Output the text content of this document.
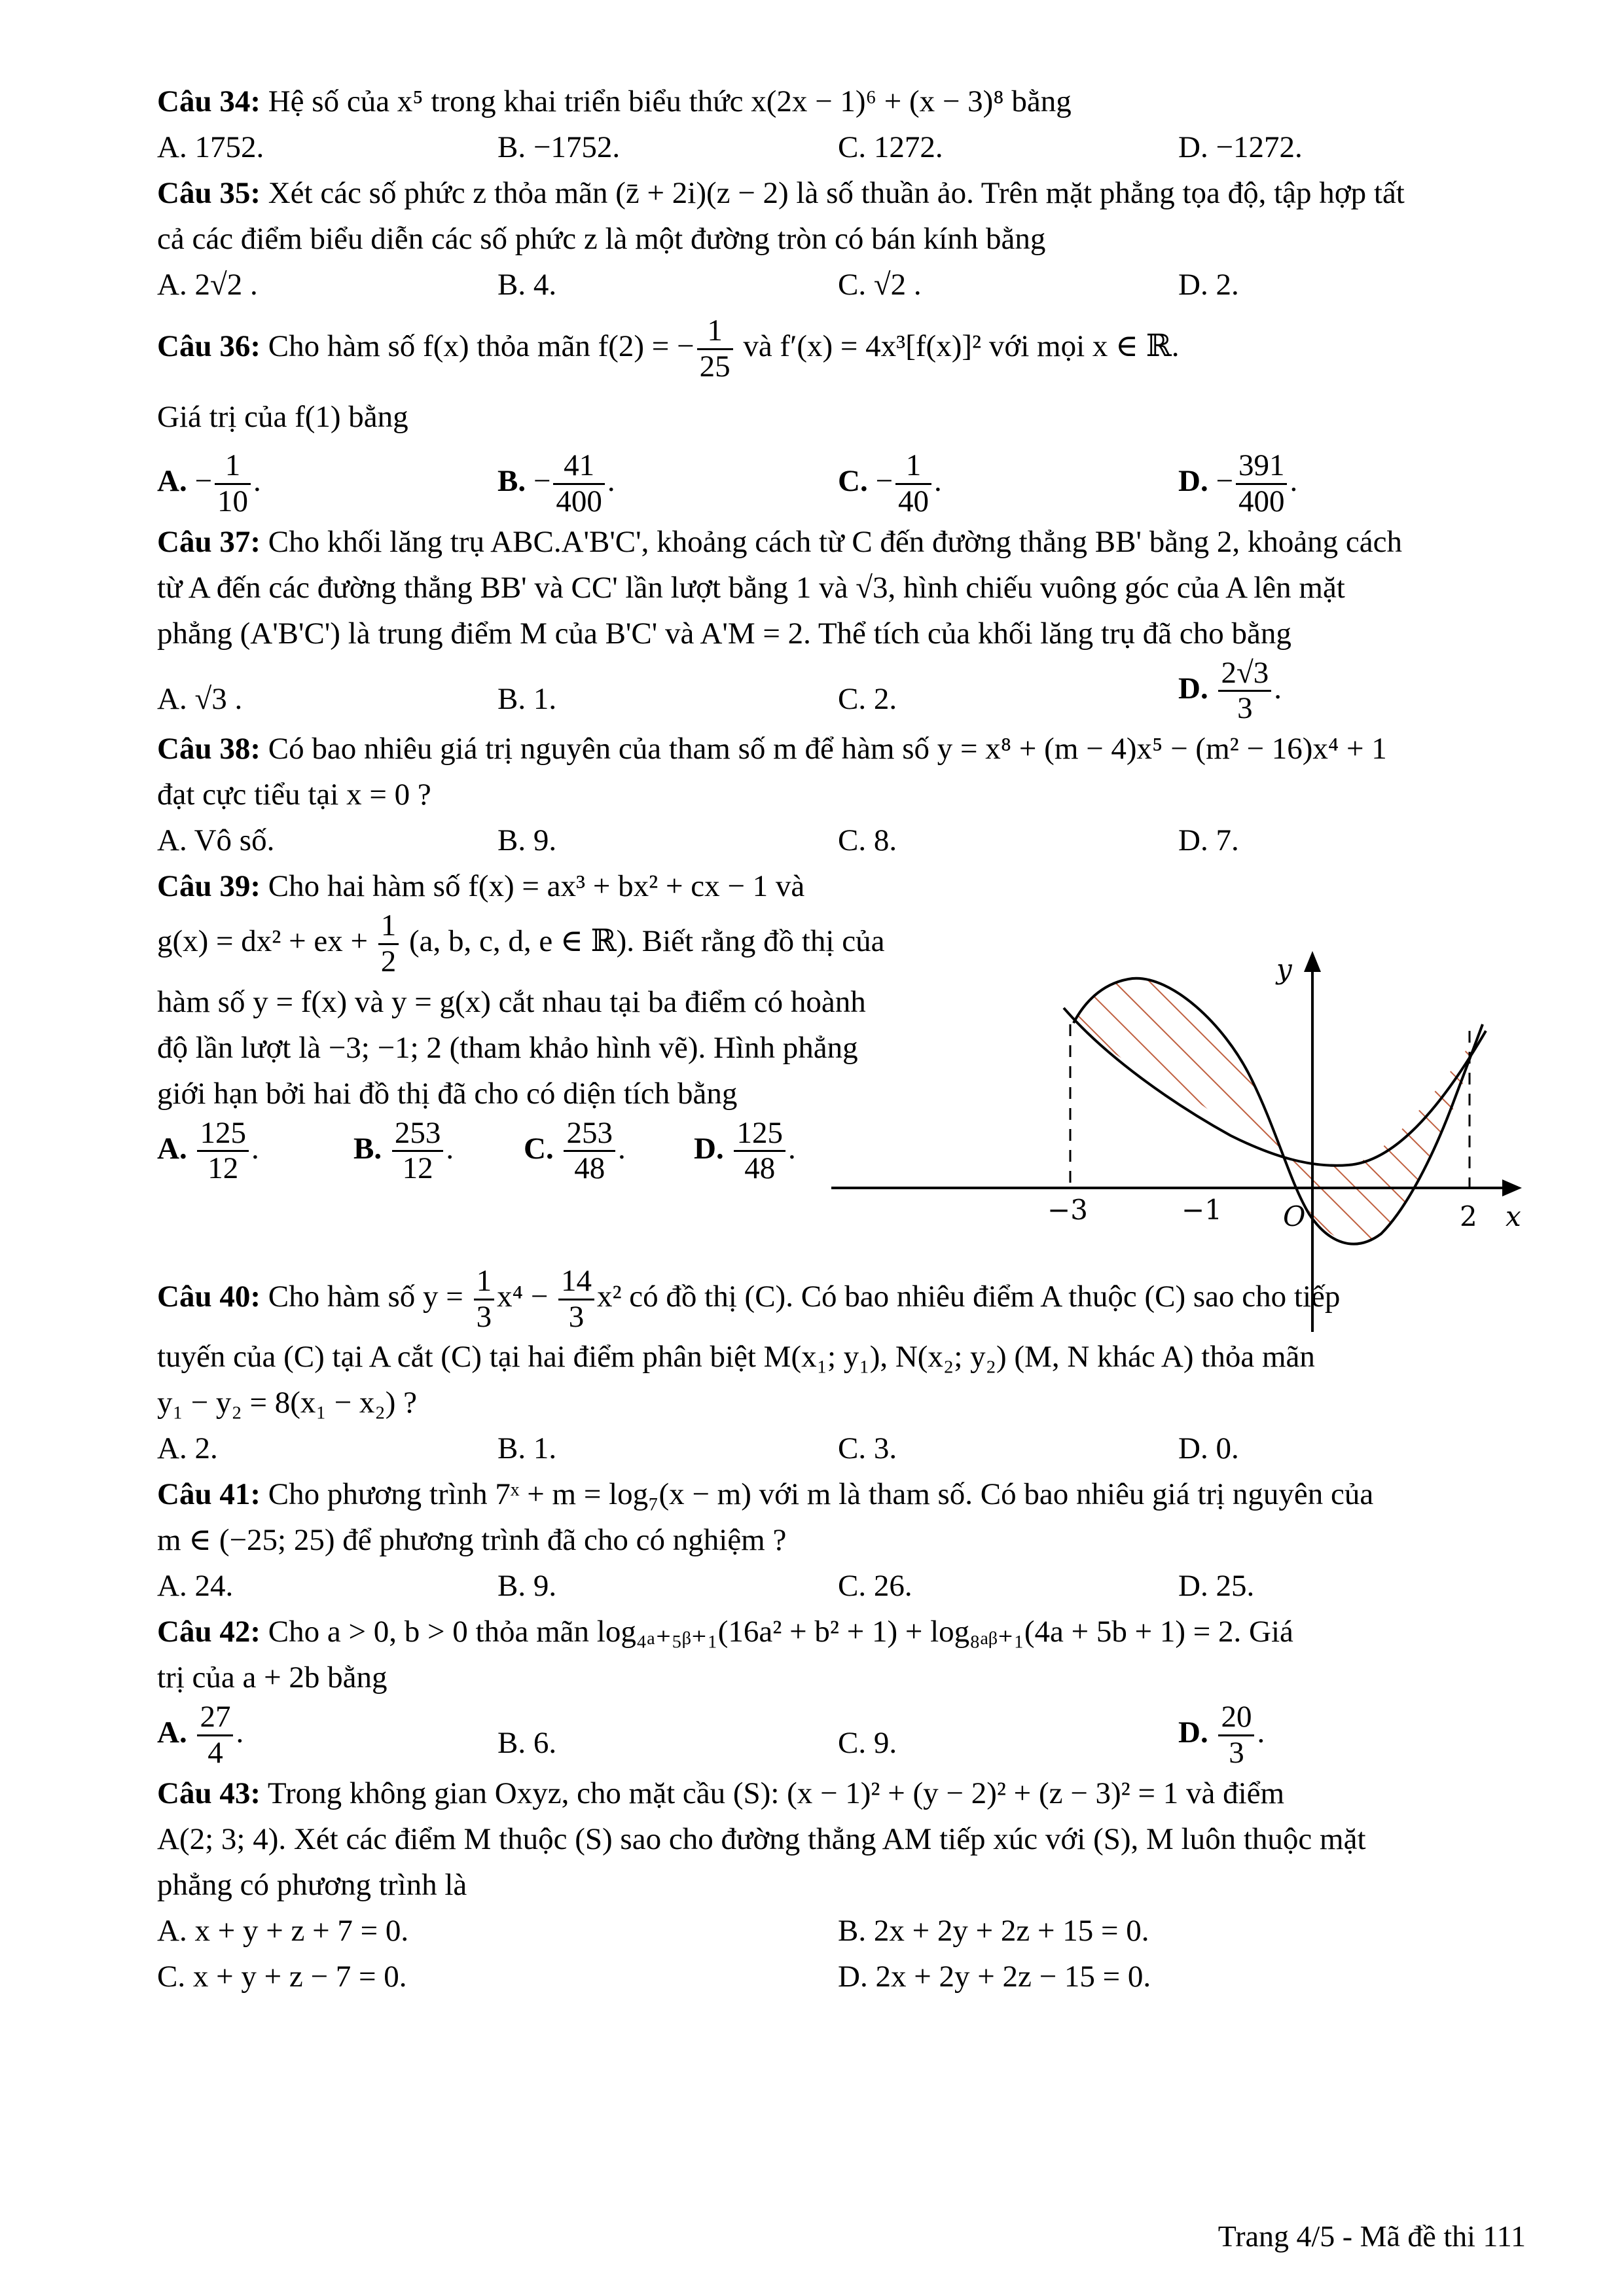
Câu 34: Hệ số của x⁵ trong khai triển biểu thức x(2x − 1)⁶ + (x − 3)⁸ bằng

A. 1752.	B. −1752.	C. 1272.	D. −1272.

Câu 35: Xét các số phức z thỏa mãn (z̄ + 2i)(z − 2) là số thuần ảo. Trên mặt phẳng tọa độ, tập hợp tất

cả các điểm biểu diễn các số phức z là một đường tròn có bán kính bằng

A. 2√2 .	B. 4.	C. √2 .	D. 2.

Câu 36: Cho hàm số f(x) thỏa mãn f(2) = − $\frac{1}{25}$ và f′(x) = 4x³[f(x)]² với mọi x ∈ ℝ.

Giá trị của f(1) bằng

A. − $\frac{1}{10}$ .	B. − $\frac{41}{400}$ .	C. − $\frac{1}{40}$ .	D. − $\frac{391}{400}$ .

Câu 37: Cho khối lăng trụ ABC.A'B'C', khoảng cách từ C đến đường thẳng BB' bằng 2, khoảng cách

từ A đến các đường thẳng BB' và CC' lần lượt bằng 1 và √3, hình chiếu vuông góc của A lên mặt

phẳng (A'B'C') là trung điểm M của B'C' và A'M = 2. Thể tích của khối lăng trụ đã cho bằng

A. √3 .	B. 1.	C. 2.	D. $\frac{2√3}{3}$ .

Câu 38: Có bao nhiêu giá trị nguyên của tham số m để hàm số y = x⁸ + (m − 4)x⁵ − (m² − 16)x⁴ + 1

đạt cực tiểu tại x = 0 ?

A. Vô số.	B. 9.	C. 8.	D. 7.

Câu 39: Cho hai hàm số f(x) = ax³ + bx² + cx − 1 và

g(x) = dx² + ex + $\frac{1}{2} (a$, b, c, d, e ∈ ℝ). Biết rằng đồ thị của

hàm số y = f(x) và y = g(x) cắt nhau tại ba điểm có hoành

độ lần lượt là −3; −1; 2 (tham khảo hình vẽ). Hình phẳng

giới hạn bởi hai đồ thị đã cho có diện tích bằng

A. $\frac{125}{12}$ .	B. $\frac{253}{12}$ .	C. $\frac{253}{48}$ .	D. $\frac{125}{48}$ .

Câu 40: Cho hàm số $y = \frac{1}{3} x^4 - \frac{14}{3} x^2$ có đồ thị (C). Có bao nhiêu điểm A thuộc (C) sao cho tiếp

tuyến của (C) tại A cắt (C) tại hai điểm phân biệt M(x₁; y₁), N(x₂; y₂) (M, N khác A) thỏa mãn

y₁ − y₂ = 8(x₁ − x₂) ?

A. 2.	B. 1.	C. 3.	D. 0.

Câu 41: Cho phương trình 7ˣ + m = log₇(x − m) với m là tham số. Có bao nhiêu giá trị nguyên của

m ∈ (−25; 25) để phương trình đã cho có nghiệm ?

A. 24.	B. 9.	C. 26.	D. 25.

Câu 42: Cho a > 0, b > 0 thỏa mãn log₄ₐ₊₅ᵦ₊₁(16a² + b² + 1) + log₈ₐᵦ₊₁(4a + 5b + 1) = 2. Giá

trị của a + 2b bằng

A. $\frac{27}{4}$ .	B. 6.	C. 9.	D. $\frac{20}{3}$ .

Câu 43: Trong không gian Oxyz, cho mặt cầu (S): (x − 1)² + (y − 2)² + (z − 3)² = 1 và điểm

A(2; 3; 4). Xét các điểm M thuộc (S) sao cho đường thẳng AM tiếp xúc với (S), M luôn thuộc mặt

phẳng có phương trình là

A. x + y + z + 7 = 0.	B. 2x + 2y + 2z + 15 = 0.
C. x + y + z − 7 = 0.	D. 2x + 2y + 2z − 15 = 0.
y
x
O
−3	−1	2
Trang 4/5 - Mã đề thi 111
